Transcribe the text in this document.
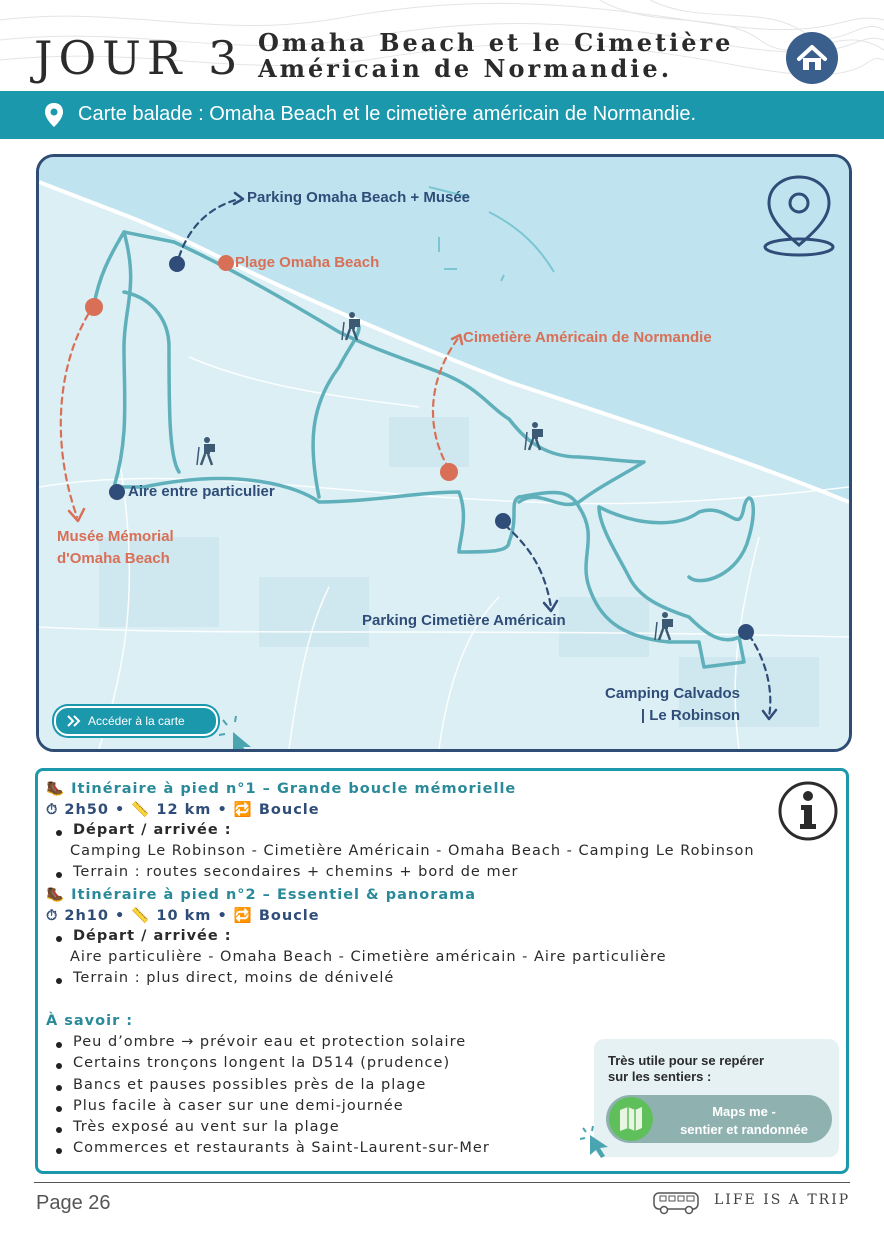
JOUR 3 Omaha Beach et le Cimetière
Américain de Normandie.
Carte balade : Omaha Beach et le cimetière américain de Normandie.
Parking Omaha Beach + Musée
Plage Omaha Beach
Cimetière Américain de Normandie
Aire entre particulier
Musée Mémorial
d'Omaha Beach
Parking Cimetière Américain
Camping Calvados
| Le Robinson
Accéder à la carte
🥾 Itinéraire à pied n°1 – Grande boucle mémorielle
⏱ 2h50 • 📏 12 km • 🔁 Boucle
Départ / arrivée :
Camping Le Robinson - Cimetière Américain - Omaha Beach - Camping Le Robinson
Terrain : routes secondaires + chemins + bord de mer
🥾 Itinéraire à pied n°2 – Essentiel & panorama
⏱ 2h10 • 📏 10 km • 🔁 Boucle
Départ / arrivée :
Aire particulière - Omaha Beach - Cimetière américain - Aire particulière
Terrain : plus direct, moins de dénivelé
À savoir :
Peu d’ombre → prévoir eau et protection solaire
Certains tronçons longent la D514 (prudence)
Bancs et pauses possibles près de la plage
Plus facile à caser sur une demi-journée
Très exposé au vent sur la plage
Commerces et restaurants à Saint-Laurent-sur-Mer
Très utile pour se repérer
sur les sentiers :
Maps me -
sentier et randonnée
Page 26	LIFE IS A TRIP
